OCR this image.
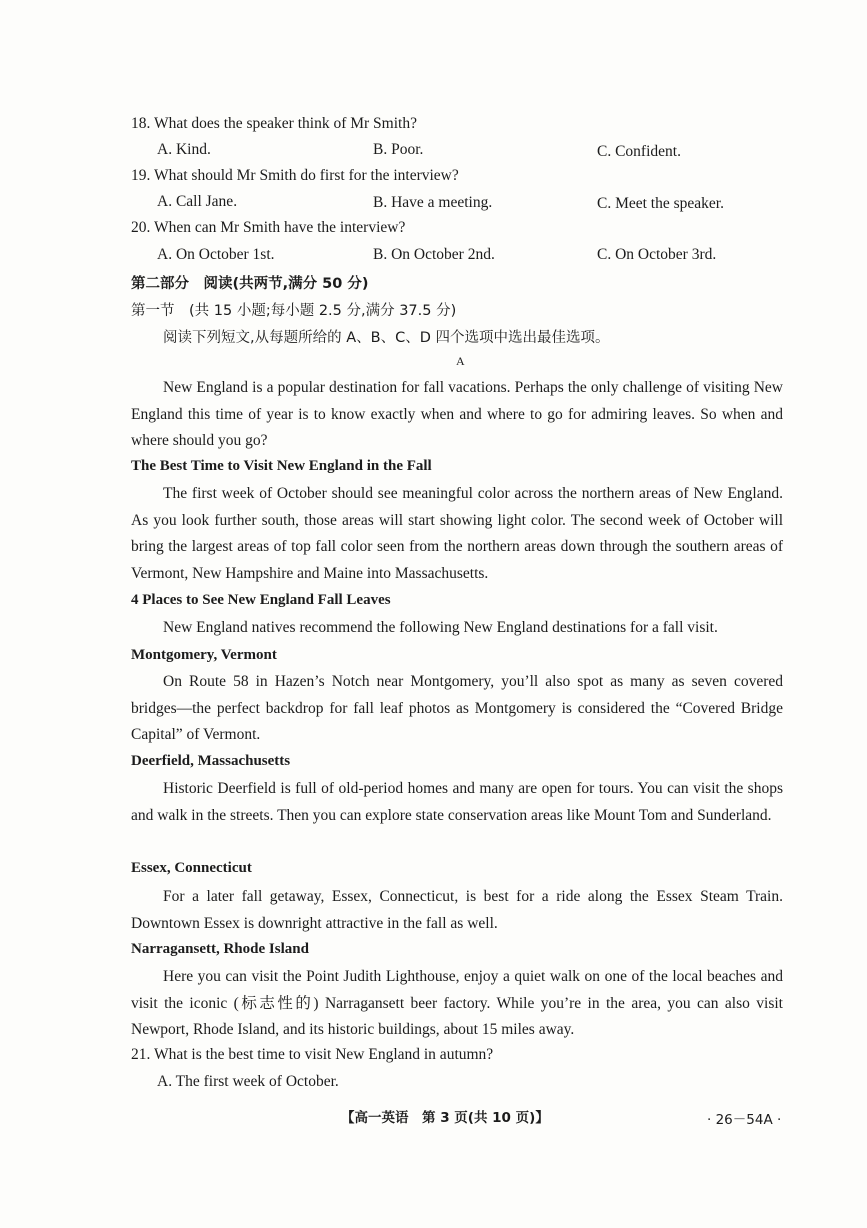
18. What does the speaker think of Mr Smith?
A. Kind.	B. Poor.	C. Confident.
19. What should Mr Smith do first for the interview?
A. Call Jane.	B. Have a meeting.	C. Meet the speaker.
20. When can Mr Smith have the interview?
A. On October 1st.	B. On October 2nd.	C. On October 3rd.
第二部分　阅读(共两节,满分 50 分)
第一节　(共 15 小题;每小题 2.5 分,满分 37.5 分)
阅读下列短文,从每题所给的 A、B、C、D 四个选项中选出最佳选项。
A
New England is a popular destination for fall vacations. Perhaps the only challenge of visiting New England this time of year is to know exactly when and where to go for admiring leaves. So when and where should you go?
The Best Time to Visit New England in the Fall
The first week of October should see meaningful color across the northern areas of New England. As you look further south, those areas will start showing light color. The second week of October will bring the largest areas of top fall color seen from the northern areas down through the southern areas of Vermont, New Hampshire and Maine into Massachusetts.
4 Places to See New England Fall Leaves
New England natives recommend the following New England destinations for a fall visit.
Montgomery, Vermont
On Route 58 in Hazen’s Notch near Montgomery, you’ll also spot as many as seven covered bridges—the perfect backdrop for fall leaf photos as Montgomery is considered the “Covered Bridge Capital” of Vermont.
Deerfield, Massachusetts
Historic Deerfield is full of old-period homes and many are open for tours. You can visit the shops and walk in the streets. Then you can explore state conservation areas like Mount Tom and Sunderland.
Essex, Connecticut
For a later fall getaway, Essex, Connecticut, is best for a ride along the Essex Steam Train. Downtown Essex is downright attractive in the fall as well.
Narragansett, Rhode Island
Here you can visit the Point Judith Lighthouse, enjoy a quiet walk on one of the local beaches and visit the iconic (标志性的) Narragansett beer factory. While you’re in the area, you can also visit Newport, Rhode Island, and its historic buildings, about 15 miles away.
21. What is the best time to visit New England in autumn?
A. The first week of October.
【高一英语　第 3 页(共 10 页)】	· 26－54A ·
